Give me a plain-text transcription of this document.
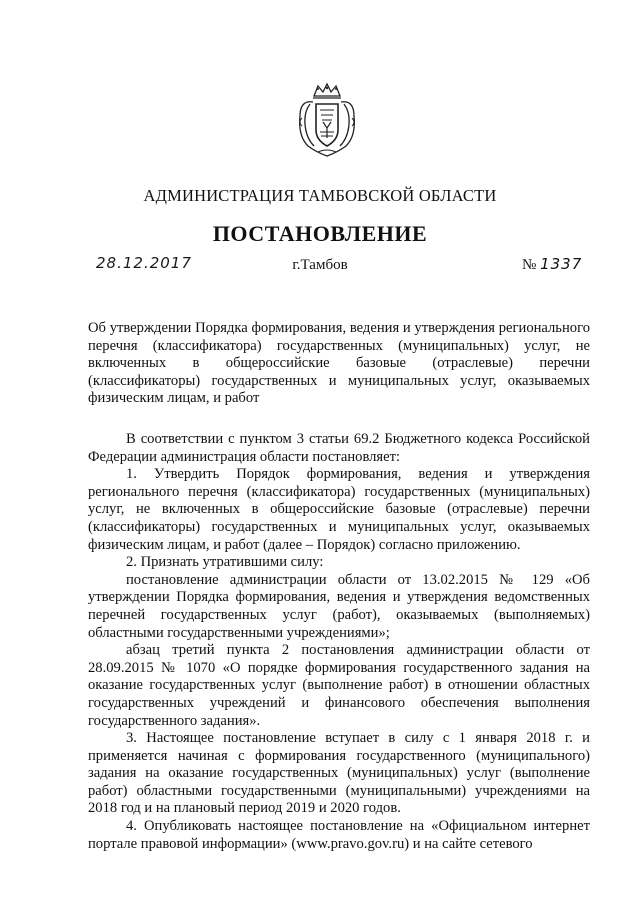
АДМИНИСТРАЦИЯ ТАМБОВСКОЙ ОБЛАСТИ
ПОСТАНОВЛЕНИЕ
28.12.2017	г.Тамбов	№ 1337
Об утверждении Порядка формирования, ведения и утверждения регионального перечня (классификатора) государственных (муниципальных) услуг, не включенных в общероссийские базовые (отраслевые) перечни (классификаторы) государственных и муниципальных услуг, оказываемых физическим лицам, и работ

В соответствии с пунктом 3 статьи 69.2 Бюджетного кодекса Российской Федерации администрация области постановляет:

1. Утвердить Порядок формирования, ведения и утверждения регионального перечня (классификатора) государственных (муниципальных) услуг, не включенных в общероссийские базовые (отраслевые) перечни (классификаторы) государственных и муниципальных услуг, оказываемых физическим лицам, и работ (далее – Порядок) согласно приложению.

2. Признать утратившими силу:

постановление администрации области от 13.02.2015 № 129 «Об утверждении Порядка формирования, ведения и утверждения ведомственных перечней государственных услуг (работ), оказываемых (выполняемых) областными государственными учреждениями»;

абзац третий пункта 2 постановления администрации области от 28.09.2015 № 1070 «О порядке формирования государственного задания на оказание государственных услуг (выполнение работ) в отношении областных государственных учреждений и финансового обеспечения выполнения государственного задания».

3. Настоящее постановление вступает в силу с 1 января 2018 г. и применяется начиная с формирования государственного (муниципального) задания на оказание государственных (муниципальных) услуг (выполнение работ) областными государственными (муниципальными) учреждениями на 2018 год и на плановый период 2019 и 2020 годов.

4. Опубликовать настоящее постановление на «Официальном интернет портале правовой информации» (www.pravo.gov.ru) и на сайте сетевого
